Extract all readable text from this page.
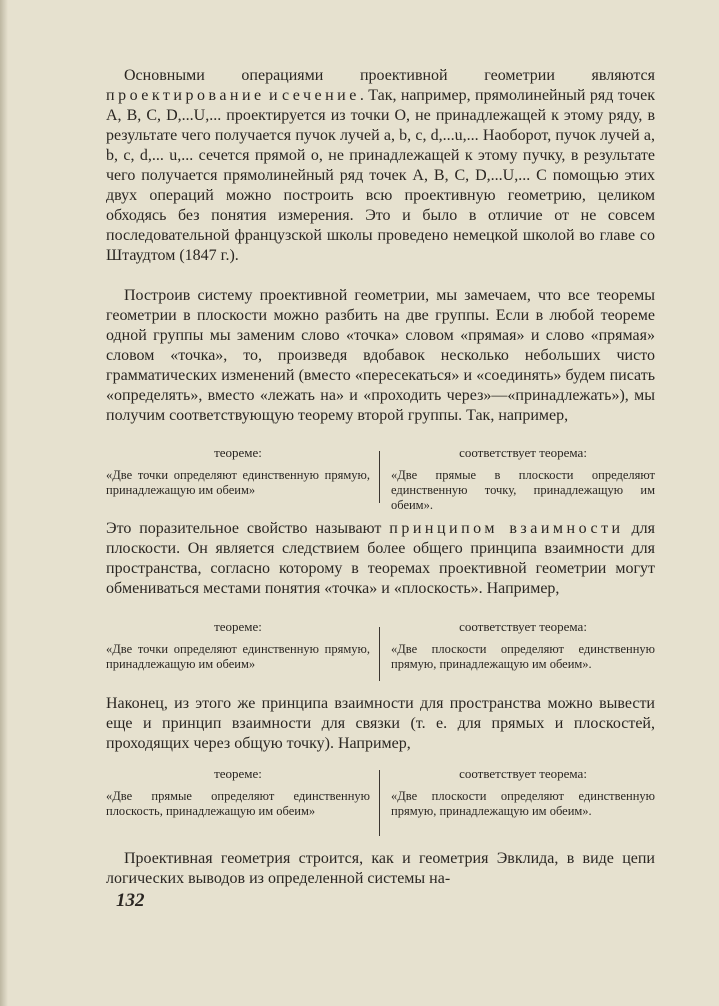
Основными операциями проективной геометрии являются проектирование и сечение. Так, например, прямолинейный ряд точек A, B, C, D,...U,... проектируется из точки O, не принадлежащей к этому ряду, в результате чего получается пучок лучей a, b, c, d,...u,... Наоборот, пучок лучей a, b, c, d,... u,... сечется прямой o, не принадлежащей к этому пучку, в результате чего получается прямолинейный ряд точек A, B, C, D,...U,... С помощью этих двух операций можно построить всю проективную геометрию, целиком обходясь без понятия измерения. Это и было в отличие от не совсем последовательной французской школы проведено немецкой школой во главе со Штаудтом (1847 г.).

Построив систему проективной геометрии, мы замечаем, что все теоремы геометрии в плоскости можно разбить на две группы. Если в любой теореме одной группы мы заменим слово «точка» словом «прямая» и слово «прямая» словом «точка», то, произведя вдобавок несколько небольших чисто грамматических изменений (вместо «пересекаться» и «соединять» будем писать «определять», вместо «лежать на» и «проходить через»—«принадлежать»), мы получим соответствующую теорему второй группы. Так, например,

теореме:
«Две точки определяют единственную прямую, принадлежащую им обеим»
соответствует теорема:
«Две прямые в плоскости определяют единственную точку, принадлежащую им обеим».

Это поразительное свойство называют принципом взаимности для плоскости. Он является следствием более общего принципа взаимности для пространства, согласно которому в теоремах проективной геометрии могут обмениваться местами понятия «точка» и «плоскость». Например,

теореме:
«Две точки определяют единственную прямую, принадлежащую им обеим»
соответствует теорема:
«Две плоскости определяют единственную прямую, принадлежащую им обеим».

Наконец, из этого же принципа взаимности для пространства можно вывести еще и принцип взаимности для связки (т. е. для прямых и плоскостей, проходящих через общую точку). Например,

теореме:
«Две прямые определяют единственную плоскость, принадлежащую им обеим»
соответствует теорема:
«Две плоскости определяют единственную прямую, принадлежащую им обеим».

Проективная геометрия строится, как и геометрия Эвклида, в виде цепи логических выводов из определенной системы на-

132
